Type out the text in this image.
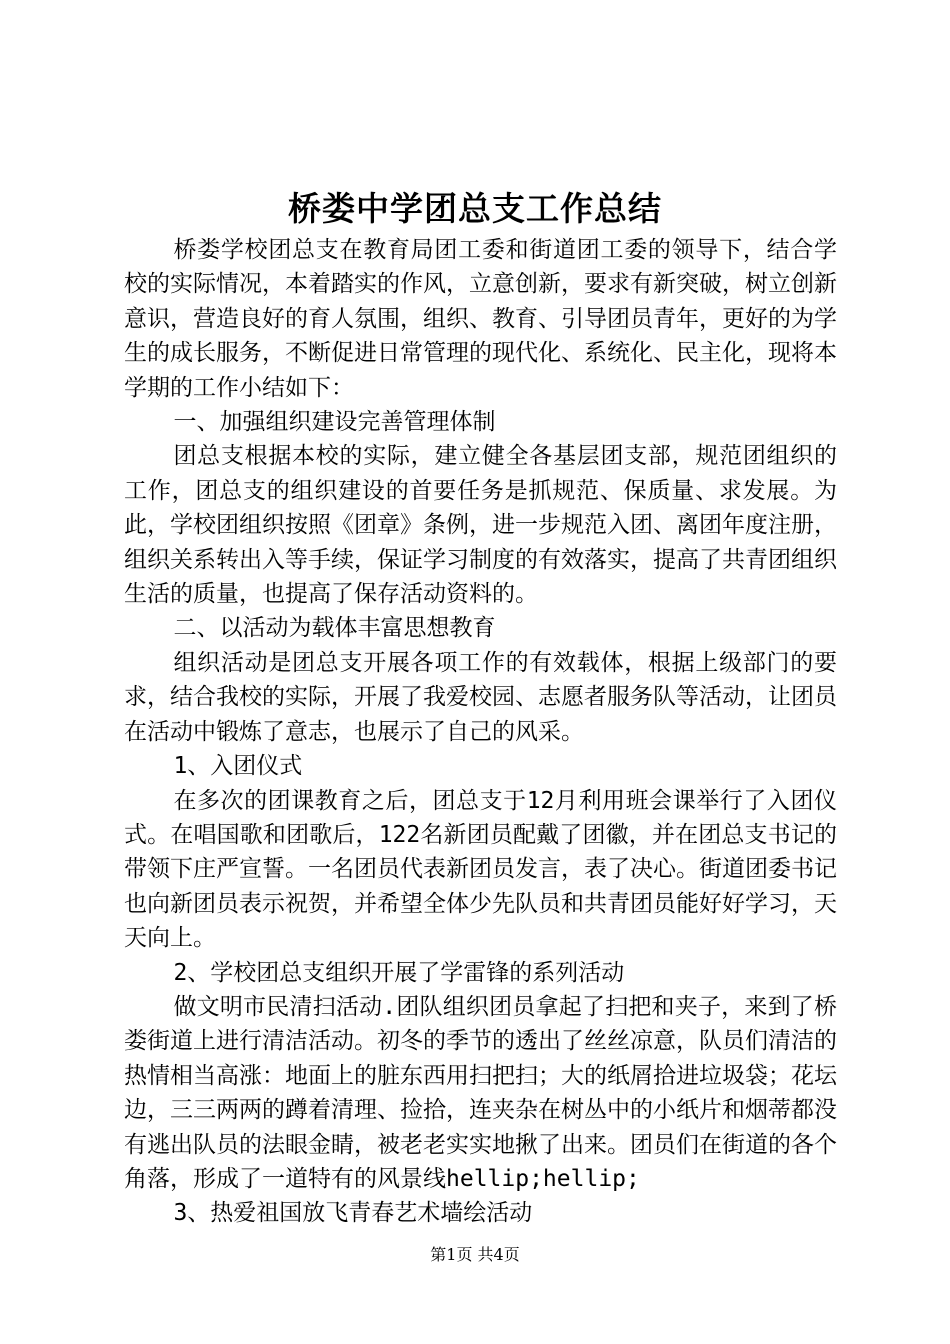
桥娄中学团总支工作总结

桥娄学校团总支在教育局团工委和街道团工委的领导下，结合学校的实际情况，本着踏实的作风，立意创新，要求有新突破，树立创新意识，营造良好的育人氛围，组织、教育、引导团员青年，更好的为学生的成长服务，不断促进日常管理的现代化、系统化、民主化，现将本学期的工作小结如下：

一、加强组织建设完善管理体制

团总支根据本校的实际，建立健全各基层团支部，规范团组织的工作，团总支的组织建设的首要任务是抓规范、保质量、求发展。为此，学校团组织按照《团章》条例，进一步规范入团、离团年度注册，组织关系转出入等手续，保证学习制度的有效落实，提高了共青团组织生活的质量，也提高了保存活动资料的。

二、以活动为载体丰富思想教育

组织活动是团总支开展各项工作的有效载体，根据上级部门的要求，结合我校的实际，开展了我爱校园、志愿者服务队等活动，让团员在活动中锻炼了意志，也展示了自己的风采。

1、入团仪式

在多次的团课教育之后，团总支于12月利用班会课举行了入团仪式。在唱国歌和团歌后，122名新团员配戴了团徽，并在团总支书记的带领下庄严宣誓。一名团员代表新团员发言，表了决心。街道团委书记也向新团员表示祝贺，并希望全体少先队员和共青团员能好好学习，天天向上。

2、学校团总支组织开展了学雷锋的系列活动

做文明市民清扫活动.团队组织团员拿起了扫把和夹子，来到了桥娄街道上进行清洁活动。初冬的季节的透出了丝丝凉意，队员们清洁的热情相当高涨：地面上的脏东西用扫把扫；大的纸屑拾进垃圾袋；花坛边，三三两两的蹲着清理、捡拾，连夹杂在树丛中的小纸片和烟蒂都没有逃出队员的法眼金睛，被老老实实地揪了出来。团员们在街道的各个角落，形成了一道特有的风景线hellip;hellip;

3、热爱祖国放飞青春艺术墙绘活动

第1页 共4页
